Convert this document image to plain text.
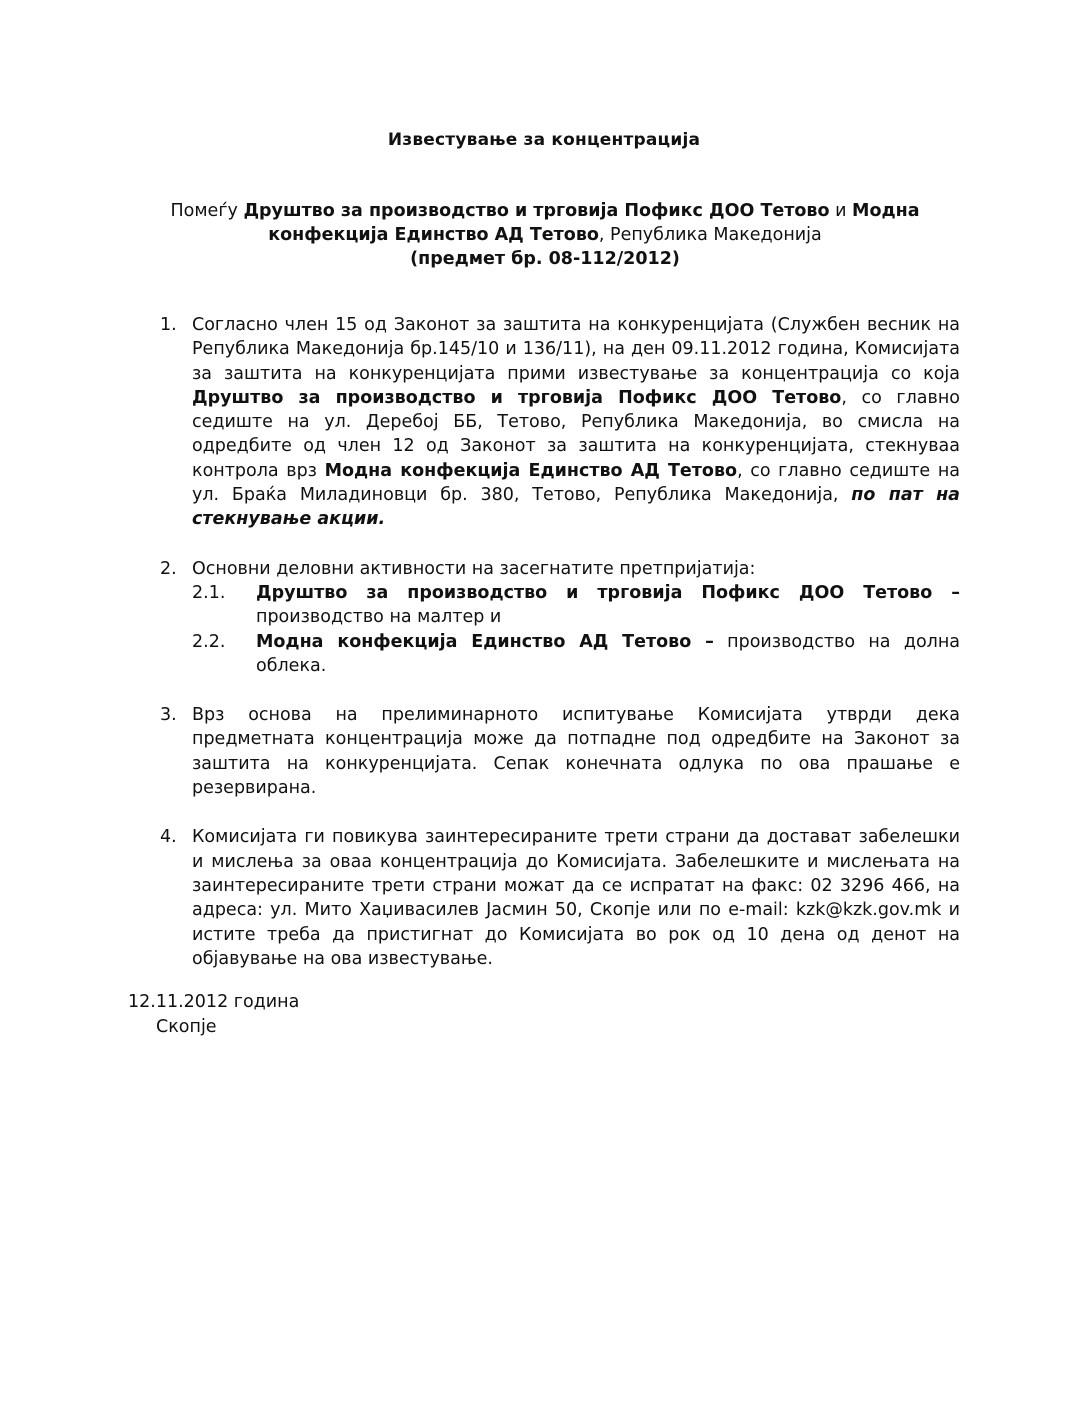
Известување за концентрација
Помеѓу Друштво за производство и трговија Пофикс ДОО Тетово и Модна конфекција Единство АД Тетово, Република Македонија
(предмет бр. 08-112/2012)
1. Согласно член 15 од Законот за заштита на конкуренцијата (Службен весник на Република Македонија бр.145/10 и 136/11), на ден 09.11.2012 година, Комисијата за заштита на конкуренцијата прими известување за концентрација со која Друштво за производство и трговија Пофикс ДОО Тетово, со главно седиште на ул. Деребој ББ, Тетово, Република Македонија, во смисла на одредбите од член 12 од Законот за заштита на конкуренцијата, стекнуваа контрола врз Модна конфекција Единство АД Тетово, со главно седиште на ул. Браќа Миладиновци бр. 380, Тетово, Република Македонија, по пат на стекнување акции.
2. Основни деловни активности на засегнатите претпријатија:
2.1. Друштво за производство и трговија Пофикс ДОО Тетово – производство на малтер и
2.2. Модна конфекција Единство АД Тетово – производство на долна облека.
3. Врз основа на прелиминарното испитување Комисијата утврди дека предметната концентрација може да потпадне под одредбите на Законот за заштита на конкуренцијата. Сепак конечната одлука по ова прашање е резервирана.
4. Комисијата ги повикува заинтересираните трети страни да доставaт забелешки и мислења за оваа концентрација до Комисијата. Забелешките и мислењата на заинтересираните трети страни можат да се испратат на факс: 02 3296 466, на адреса: ул. Мито Хаџивасилев Јасмин 50, Скопје или по e-mail: kzk@kzk.gov.mk и истите треба да пристигнат до Комисијата во рок од 10 дена од денот на објавување на ова известување.
12.11.2012 година
Скопје
